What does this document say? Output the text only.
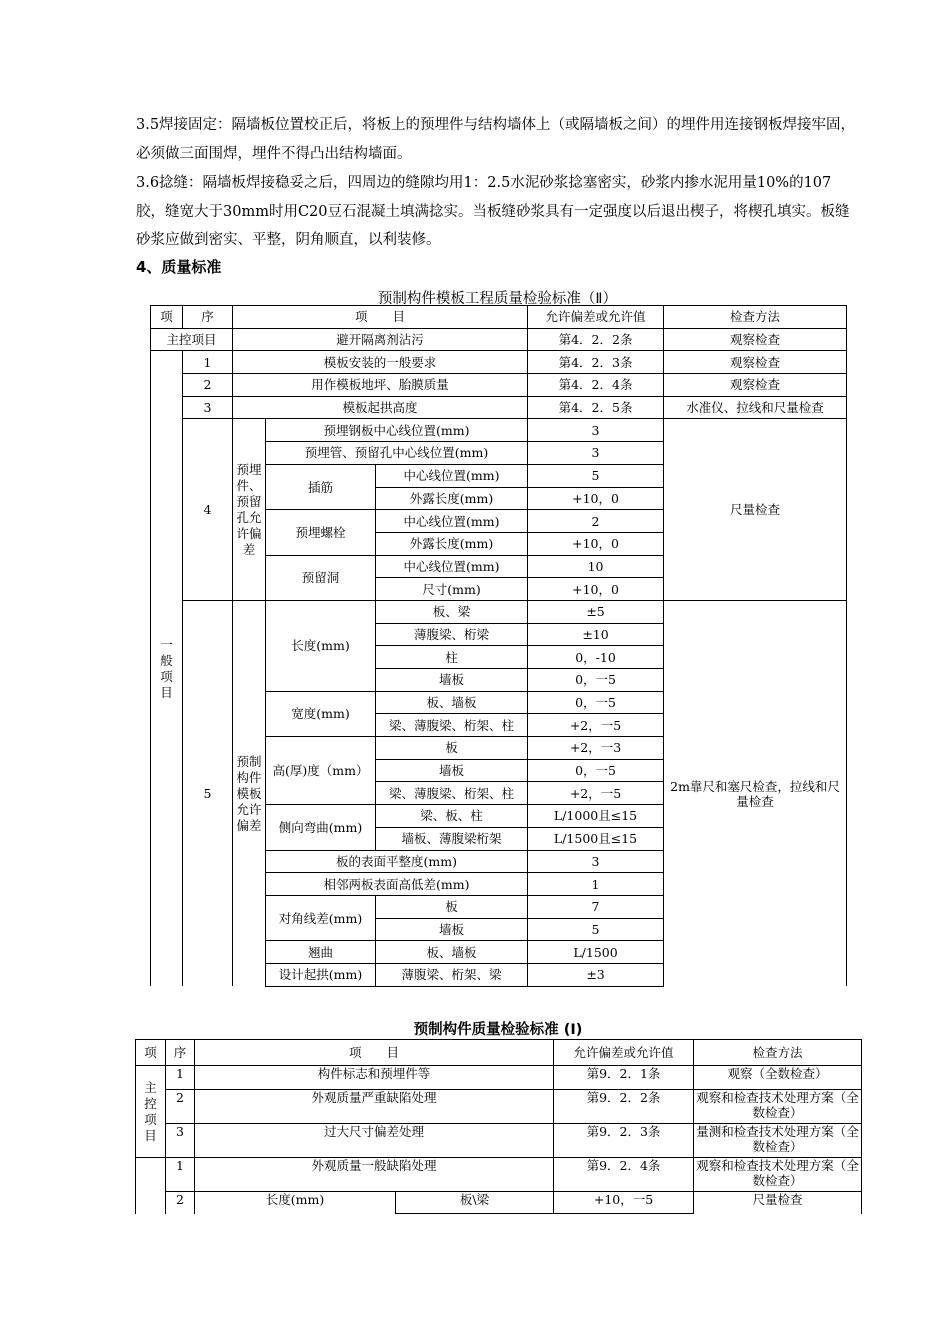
3.5焊接固定：隔墙板位置校正后，将板上的预埋件与结构墙体上（或隔墙板之间）的埋件用连接钢板焊接牢固，必须做三面围焊，埋件不得凸出结构墙面。
3.6捻缝：隔墙板焊接稳妥之后，四周边的缝隙均用1：2.5水泥砂浆捻塞密实，砂浆内掺水泥用量10%的107胶，缝宽大于30mm时用C20豆石混凝土填满捻实。当板缝砂浆具有一定强度以后退出楔子，将楔孔填实。板缝砂浆应做到密实、平整，阴角顺直，以利装修。
4、质量标准
预制构件模板工程质量检验标准（Ⅱ）
项	序	项　　目			允许偏差或允许值	检查方法
主控项目		避开隔离剂沾污			第4．2．2条	观察检查

一般项目	1	模板安装的一般要求			第4．2．3条	观察检查
	2	用作模板地坪、胎膜质量			第4．2．4条	观察检查
	3	模板起拱高度			第4．2．5条	水准仪、拉线和尺量检查
	4	预埋件、预留孔允许偏差	预埋钢板中心线位置(mm)		3	尺量检查
			预埋管、预留孔中心线位置(mm)		3	
			插筋	中心线位置(mm)	5	
				外露长度(mm)	+10，0	
			预埋螺栓	中心线位置(mm)	2	
				外露长度(mm)	+10，0	
			预留洞	中心线位置(mm)	10	
				尺寸(mm)	+10，0	
	5	预制构件模板允许偏差	长度(mm)	板、梁	±5	2m靠尺和塞尺检查，拉线和尺量检查
				薄腹梁、桁梁	±10	
				柱	0，-10	
				墙板	0，一5	
			宽度(mm)	板、墙板	0，一5	
				梁、薄腹梁、桁架、柱	+2，一5	
			高(厚)度（mm）	板	+2，一3	
				墙板	0，一5	
				梁、薄腹梁、桁架、柱	+2，一5	
			侧向弯曲(mm)	梁、板、柱	L/1000且≤15	
				墙板、薄腹梁桁架	L/1500且≤15	
			板的表面平整度(mm)		3	
			相邻两板表面高低差(mm)		1	
			对角线差(mm)	板	7	
				墙板	5	
			翘曲	板、墙板	L/1500	
			设计起拱(mm)	薄腹梁、桁架、梁	±3	
预制构件质量检验标准 (I)
项	序	项　　目		允许偏差或允许值	检查方法

主控项目	1	构件标志和预埋件等		第9．2．1条	观察（全数检查）
	2	外观质量严重缺陷处理		第9．2．2条	观察和检查技术处理方案（全数检查）
	3	过大尺寸偏差处理		第9．2．3条	量测和检查技术处理方案（全数检查）
	1	外观质量一般缺陷处理		第9．2．4条	观察和检查技术处理方案（全数检查）
	2	长度(mm)	板\梁	+10，一5	尺量检查
